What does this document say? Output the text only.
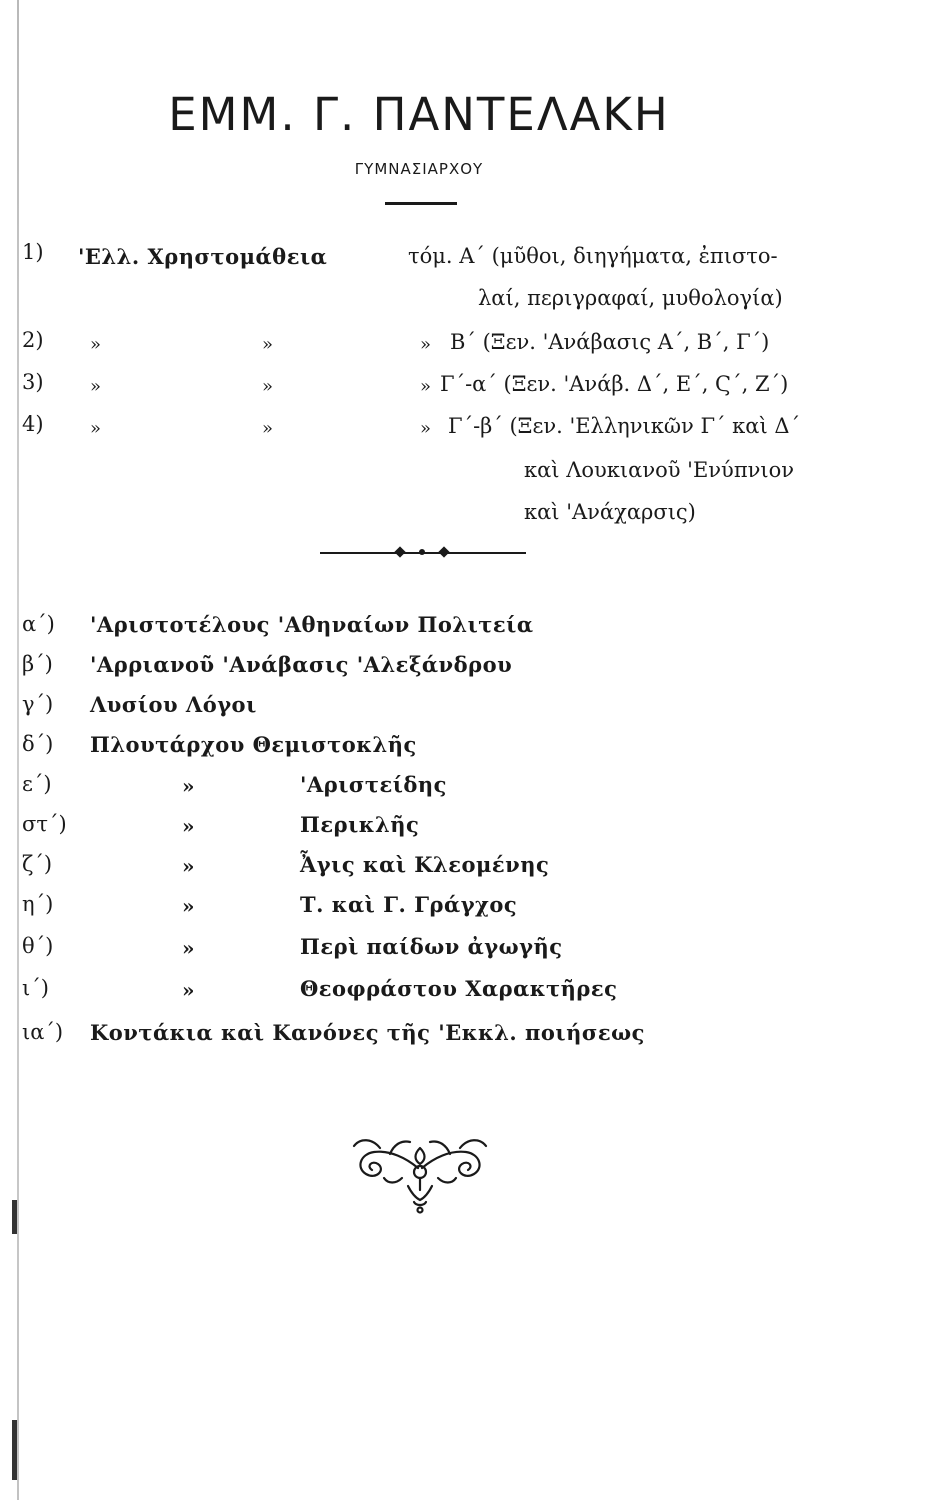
ΕΜΜ. Γ. ΠΑΝΤΕΛΑΚΗ
ΓΥΜΝΑΣΙΑΡΧΟΥ
1) 'Ελλ. Χρηστομάθεια	τόμ. Α΄ (μῦθοι, διηγήματα, ἐπιστο-
λαί, περιγραφαί, μυθολογία)
2)	»	»	» Β΄ (Ξεν. 'Ανάβασις Α΄, Β΄, Γ΄)
3)	»	»	» Γ΄-α΄ (Ξεν. 'Ανάβ. Δ΄, Ε΄, Ϛ΄, Ζ΄)
4)	»	»	» Γ΄-β΄ (Ξεν. 'Ελληνικῶν Γ΄ καὶ Δ΄
καὶ Λουκιανοῦ 'Ενύπνιον
καὶ 'Ανάχαρσις)
α΄) 'Αριστοτέλους 'Αθηναίων Πολιτεία
β΄) 'Αρριανοῦ 'Ανάβασις 'Αλεξάνδρου
γ΄) Λυσίου Λόγοι
δ΄) Πλουτάρχου Θεμιστοκλῆς
ε΄)	»	'Αριστείδης
στ΄)	»	Περικλῆς
ζ΄)	»	Ἆγις καὶ Κλεομένης
η΄)	»	Τ. καὶ Γ. Γράγχος
θ΄)	»	Περὶ παίδων ἀγωγῆς
ι΄)	»	Θεοφράστου Χαρακτῆρες
ια΄) Κοντάκια καὶ Κανόνες τῆς 'Εκκλ. ποιήσεως
